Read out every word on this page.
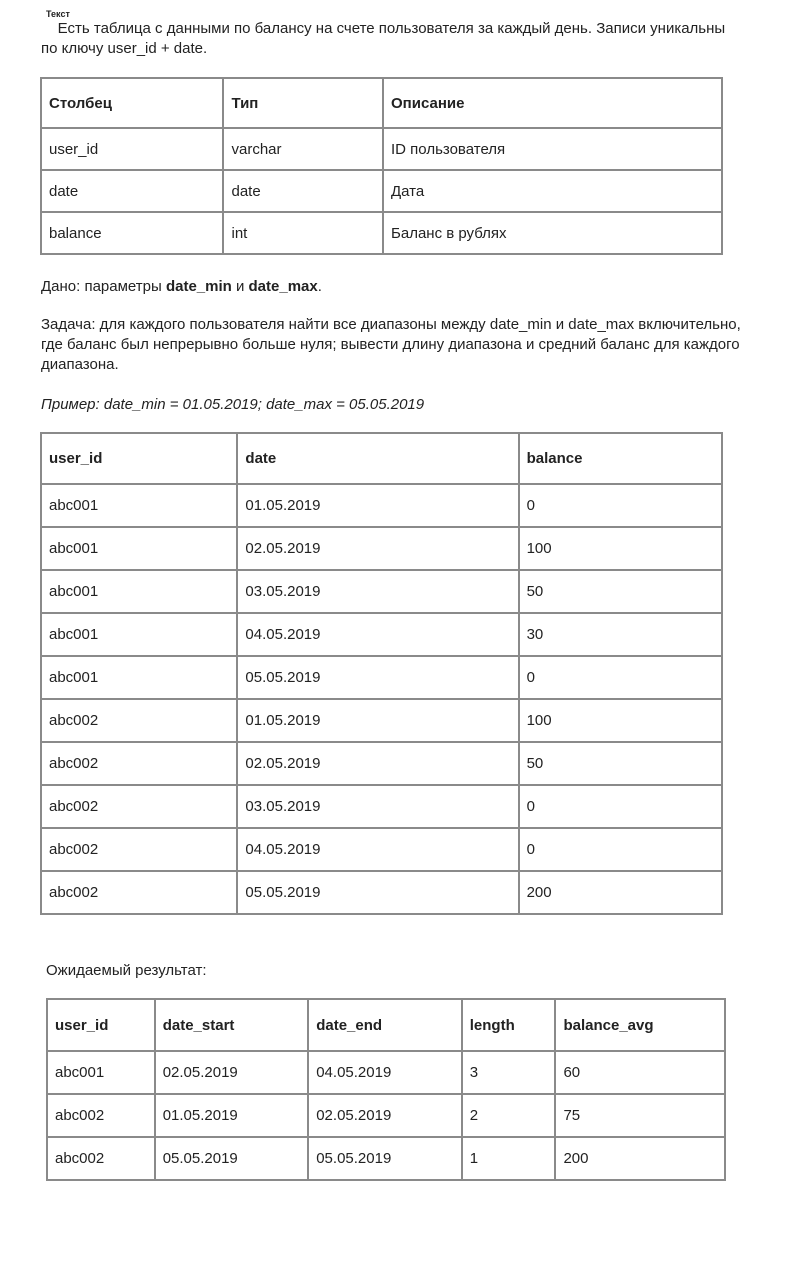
Текст

Есть таблица с данными по балансу на счете пользователя за каждый день. Записи уникальны по ключу user_id + date.

Столбец	Тип	Описание
user_id	varchar	ID пользователя
date	date	Дата
balance	int	Баланс в рублях

Дано: параметры date_min и date_max.

Задача: для каждого пользователя найти все диапазоны между date_min и date_max включительно, где баланс был непрерывно больше нуля; вывести длину диапазона и средний баланс для каждого диапазона.

Пример: date_min = 01.05.2019; date_max = 05.05.2019

user_id	date	balance
abc001	01.05.2019	0
abc001	02.05.2019	100
abc001	03.05.2019	50
abc001	04.05.2019	30
abc001	05.05.2019	0
abc002	01.05.2019	100
abc002	02.05.2019	50
abc002	03.05.2019	0
abc002	04.05.2019	0
abc002	05.05.2019	200

Ожидаемый результат:

user_id	date_start	date_end	length	balance_avg
abc001	02.05.2019	04.05.2019	3	60
abc002	01.05.2019	02.05.2019	2	75
abc002	05.05.2019	05.05.2019	1	200
